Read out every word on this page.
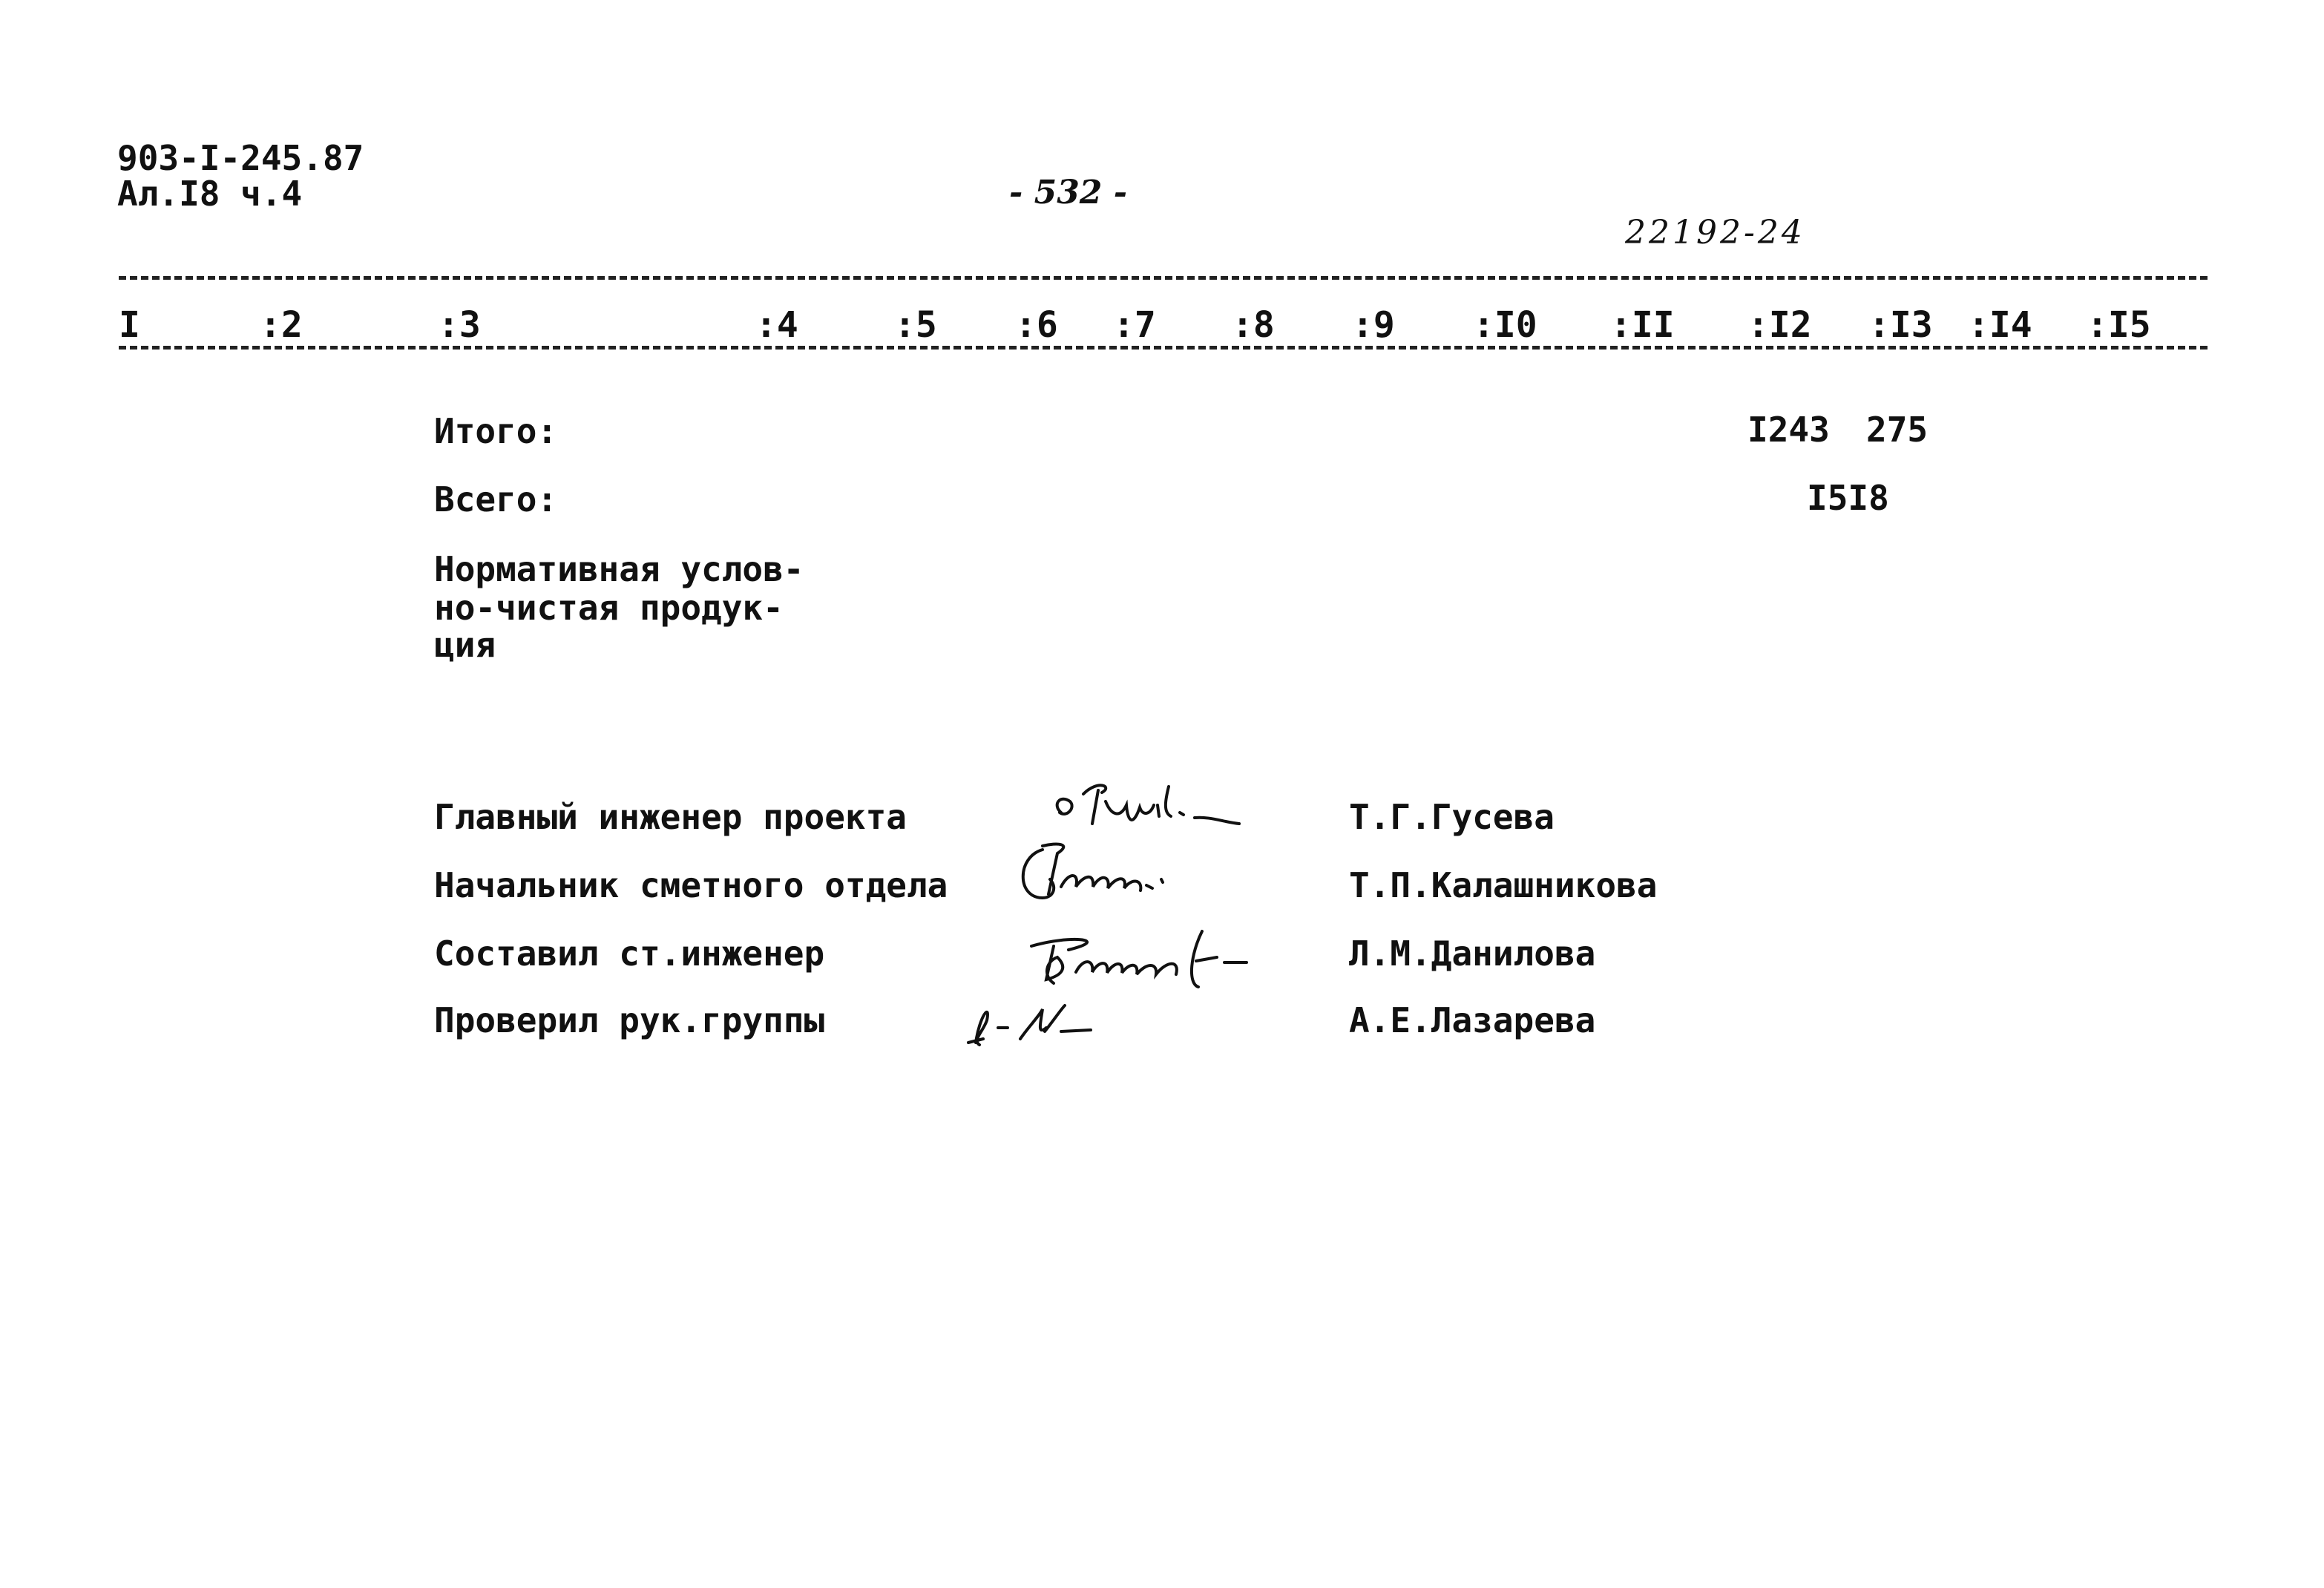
903-I-245.87
Ал.I8 ч.4	- 532 -
22192-24
I	:2	:3	:4	:5 :6 :7 :8 :9 :I0 :II :I2 :I3 :I4 :I5
Итого:	I243 275
Всего:	I5I8
Нормативная услов-
но-чистая продук-
ция
Главный инженер проекта	Т.Г.Гусева
Начальник сметного отдела	Т.П.Калашникова
Составил ст.инженер	Л.М.Данилова
Проверил рук.группы	А.Е.Лазарева
